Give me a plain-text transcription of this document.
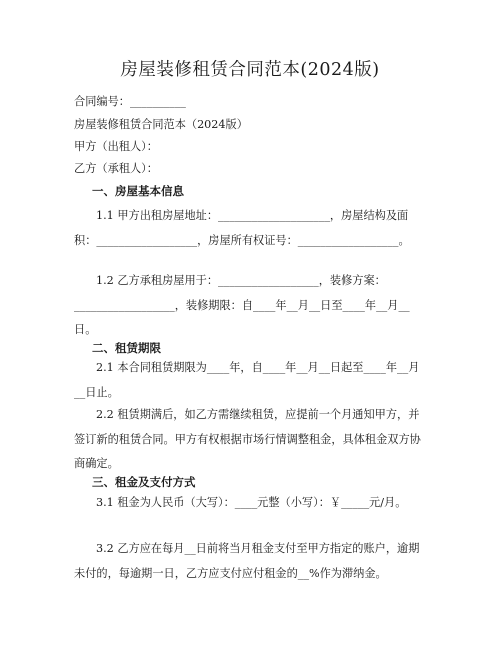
房屋装修租赁合同范本(2024版)
合同编号：__________
房屋装修租赁合同范本（2024版）
甲方（出租人）：
乙方（承租人）：
一、房屋基本信息
1.1 甲方出租房屋地址：____________________，房屋结构及面积：__________________，房屋所有权证号：__________________。
1.2 乙方承租房屋用于：__________________，装修方案：__________________，装修期限：自____年__月__日至____年__月__日。
二、租赁期限
2.1 本合同租赁期限为____年，自____年__月__日起至____年__月__日止。
2.2 租赁期满后，如乙方需继续租赁，应提前一个月通知甲方，并签订新的租赁合同。甲方有权根据市场行情调整租金，具体租金双方协商确定。
三、租金及支付方式
3.1 租金为人民币（大写）：____元整（小写）：￥_____元/月。
3.2 乙方应在每月__日前将当月租金支付至甲方指定的账户，逾期未付的，每逾期一日，乙方应支付应付租金的__%作为滞纳金。
